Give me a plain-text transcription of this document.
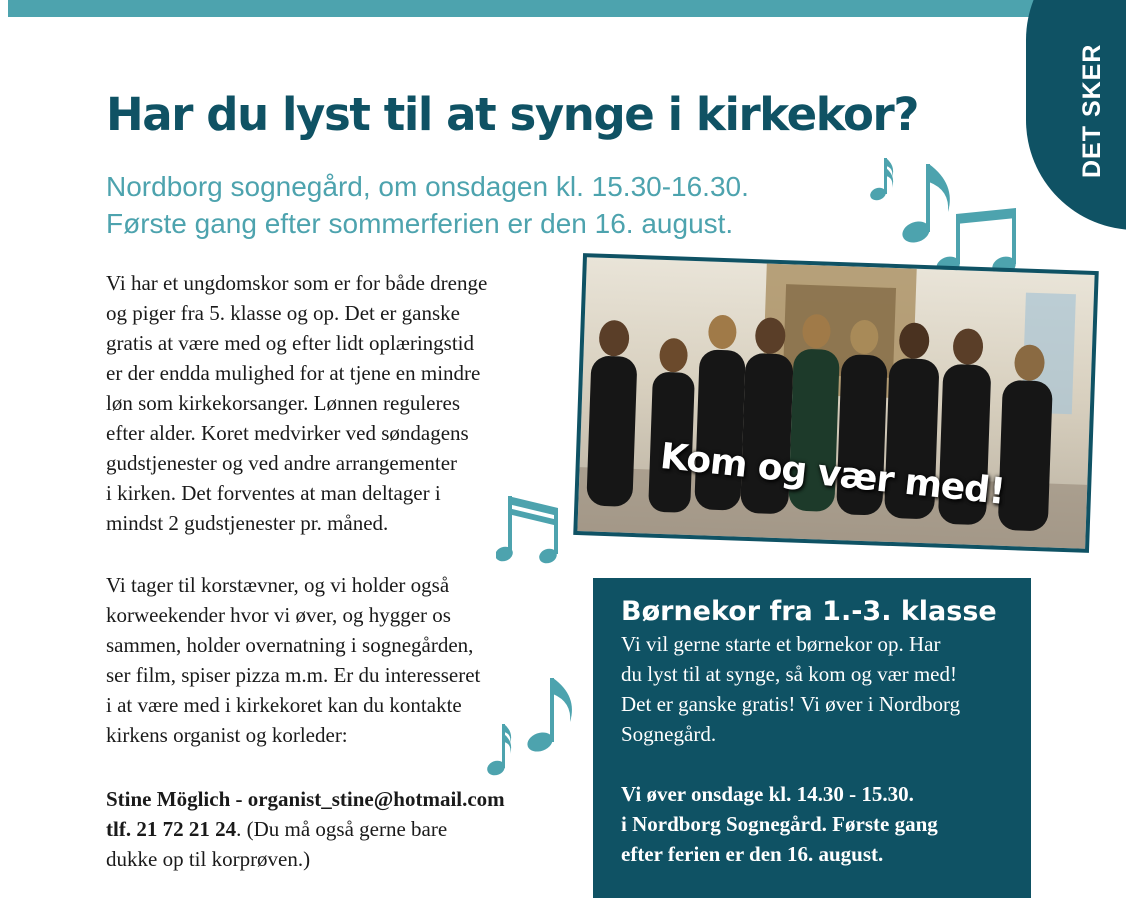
DET SKER
Har du lyst til at synge i kirkekor?
Nordborg sognegård, om onsdagen kl. 15.30-16.30.
Første gang efter sommerferien er den 16. august.

Vi har et ungdomskor som er for både drenge

og piger fra 5. klasse og op. Det er ganske

gratis at være med og efter lidt oplæringstid

er der endda mulighed for at tjene en mindre

løn som kirkekorsanger. Lønnen reguleres

efter alder. Koret medvirker ved søndagens

gudstjenester og ved andre arrangementer

i kirken. Det forventes at man deltager i

mindst 2 gudstjenester pr. måned.

Vi tager til korstævner, og vi holder også

korweekender hvor vi øver, og hygger os

sammen, holder overnatning i sognegården,

ser film, spiser pizza m.m. Er du interesseret

i at være med i kirkekoret kan du kontakte

kirkens organist og korleder:

Stine Möglich - organist_stine@hotmail.com

tlf. 21 72 21 24. (Du må også gerne bare

dukke op til korprøven.)

Kom og vær med!
Børnekor fra 1.-3. klasse

Vi vil gerne starte et børnekor op. Har

du lyst til at synge, så kom og vær med!

Det er ganske gratis! Vi øver i Nordborg

Sognegård.

Vi øver onsdage kl. 14.30 - 15.30.

i Nordborg Sognegård. Første gang

efter ferien er den 16. august.
